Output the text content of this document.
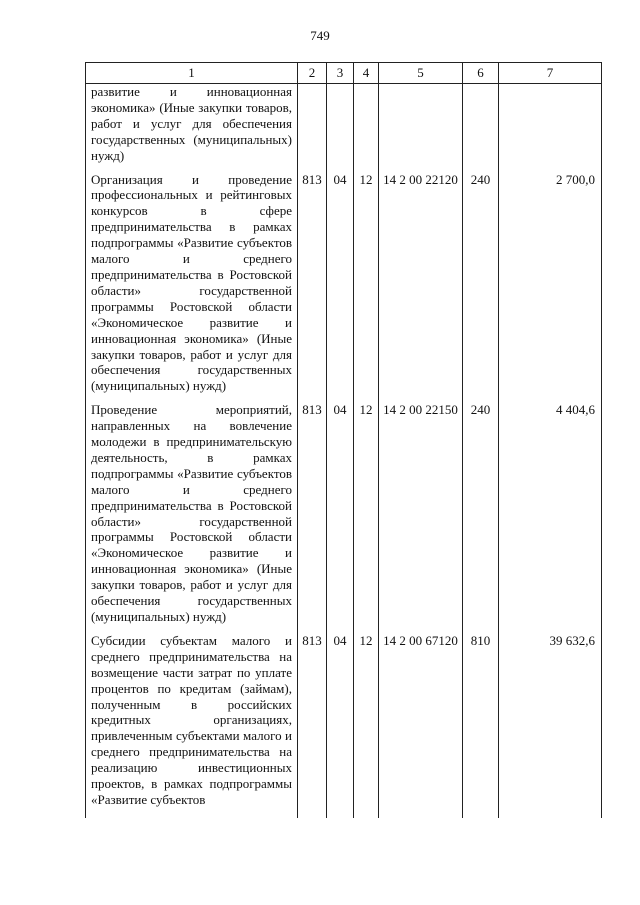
749
1	2	3	4	5	6	7
развитие и инновационная экономика» (Иные закупки товаров, работ и услуг для обеспечения государственных (муниципальных) нужд)						
Организация и проведение профессиональных и рейтинговых конкурсов в сфере предпринимательства в рамках подпрограммы «Развитие субъектов малого и среднего предпринимательства в Ростовской области» государственной программы Ростовской области «Экономическое развитие и инновационная экономика» (Иные закупки товаров, работ и услуг для обеспечения государственных (муниципальных) нужд)	813	04	12	14 2 00 22120	240	2 700,0
Проведение мероприятий, направленных на вовлечение молодежи в предпринимательскую деятельность, в рамках подпрограммы «Развитие субъектов малого и среднего предпринимательства в Ростовской области» государственной программы Ростовской области «Экономическое развитие и инновационная экономика» (Иные закупки товаров, работ и услуг для обеспечения государственных (муниципальных) нужд)	813	04	12	14 2 00 22150	240	4 404,6
Субсидии субъектам малого и среднего предпринимательства на возмещение части затрат по уплате процентов по кредитам (займам), полученным в российских кредитных организациях, привлеченным субъектами малого и среднего предпринимательства на реализацию инвестиционных проектов, в рамках подпрограммы «Развитие субъектов	813	04	12	14 2 00 67120	810	39 632,6
